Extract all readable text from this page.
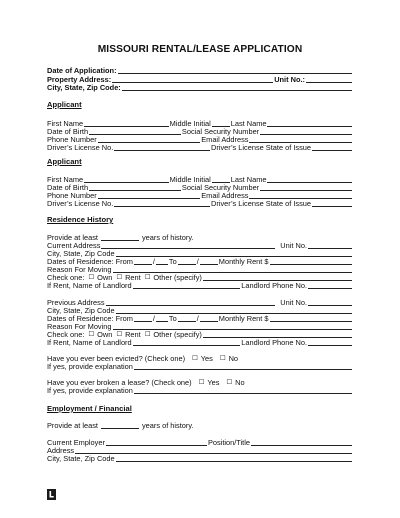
MISSOURI RENTAL/LEASE APPLICATION
Date of Application:
Property Address:	Unit No.:
City, State, Zip Code:
Applicant
First Name	Middle Initial	Last Name
Date of Birth	Social Security Number
Phone Number	Email Address
Driver’s License No.	Driver’s License State of Issue
Applicant
First Name	Middle Initial	Last Name
Date of Birth	Social Security Number
Phone Number	Email Address
Driver’s License No.	Driver’s License State of Issue
Residence History
Provide at least	years of history.
Current Address	Unit No.
City, State, Zip Code
Dates of Residence: From	/ To	/	Monthly Rent $
Reason For Moving
Check one: ☐ Own ☐ Rent ☐ Other (specify)
If Rent, Name of Landlord	Landlord Phone No.
Previous Address	Unit No.
City, State, Zip Code
Dates of Residence: From	/ To	/	Monthly Rent $
Reason For Moving
Check one: ☐ Own ☐ Rent ☐ Other (specify)
If Rent, Name of Landlord	Landlord Phone No.
Have you ever been evicted? (Check one) ☐ Yes ☐ No
If yes, provide explanation
Have you ever broken a lease? (Check one) ☐ Yes ☐ No
If yes, provide explanation
Employment / Financial
Provide at least	years of history.
Current Employer	Position/Title
Address
City, State, Zip Code
